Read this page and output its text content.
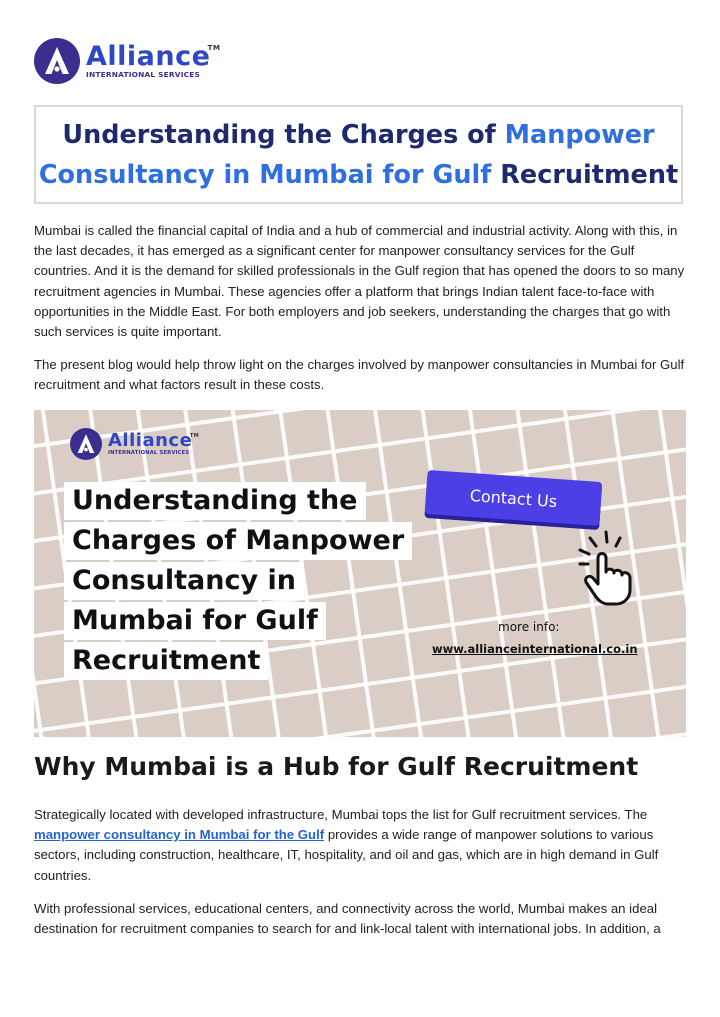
Alliance
TM
INTERNATIONAL SERVICES
Understanding the Charges of Manpower Consultancy in Mumbai for Gulf Recruitment

Mumbai is called the financial capital of India and a hub of commercial and industrial activity. Along with this, in the last decades, it has emerged as a significant center for manpower consultancy services for the Gulf countries. And it is the demand for skilled professionals in the Gulf region that has opened the doors to so many recruitment agencies in Mumbai. These agencies offer a platform that brings Indian talent face-to-face with opportunities in the Middle East. For both employers and job seekers, understanding the charges that go with such services is quite important.

The present blog would help throw light on the charges involved by manpower consultancies in Mumbai for Gulf recruitment and what factors result in these costs.

Alliance
TM
INTERNATIONAL SERVICES
Understanding the
Charges of Manpower
Consultancy in
Mumbai for Gulf
Recruitment
Contact Us
more info:
www.allianceinternational.co.in
Why Mumbai is a Hub for Gulf Recruitment

Strategically located with developed infrastructure, Mumbai tops the list for Gulf recruitment services. The manpower consultancy in Mumbai for the Gulf provides a wide range of manpower solutions to various sectors, including construction, healthcare, IT, hospitality, and oil and gas, which are in high demand in Gulf countries.

With professional services, educational centers, and connectivity across the world, Mumbai makes an ideal destination for recruitment companies to search for and link-local talent with international jobs. In addition, a
